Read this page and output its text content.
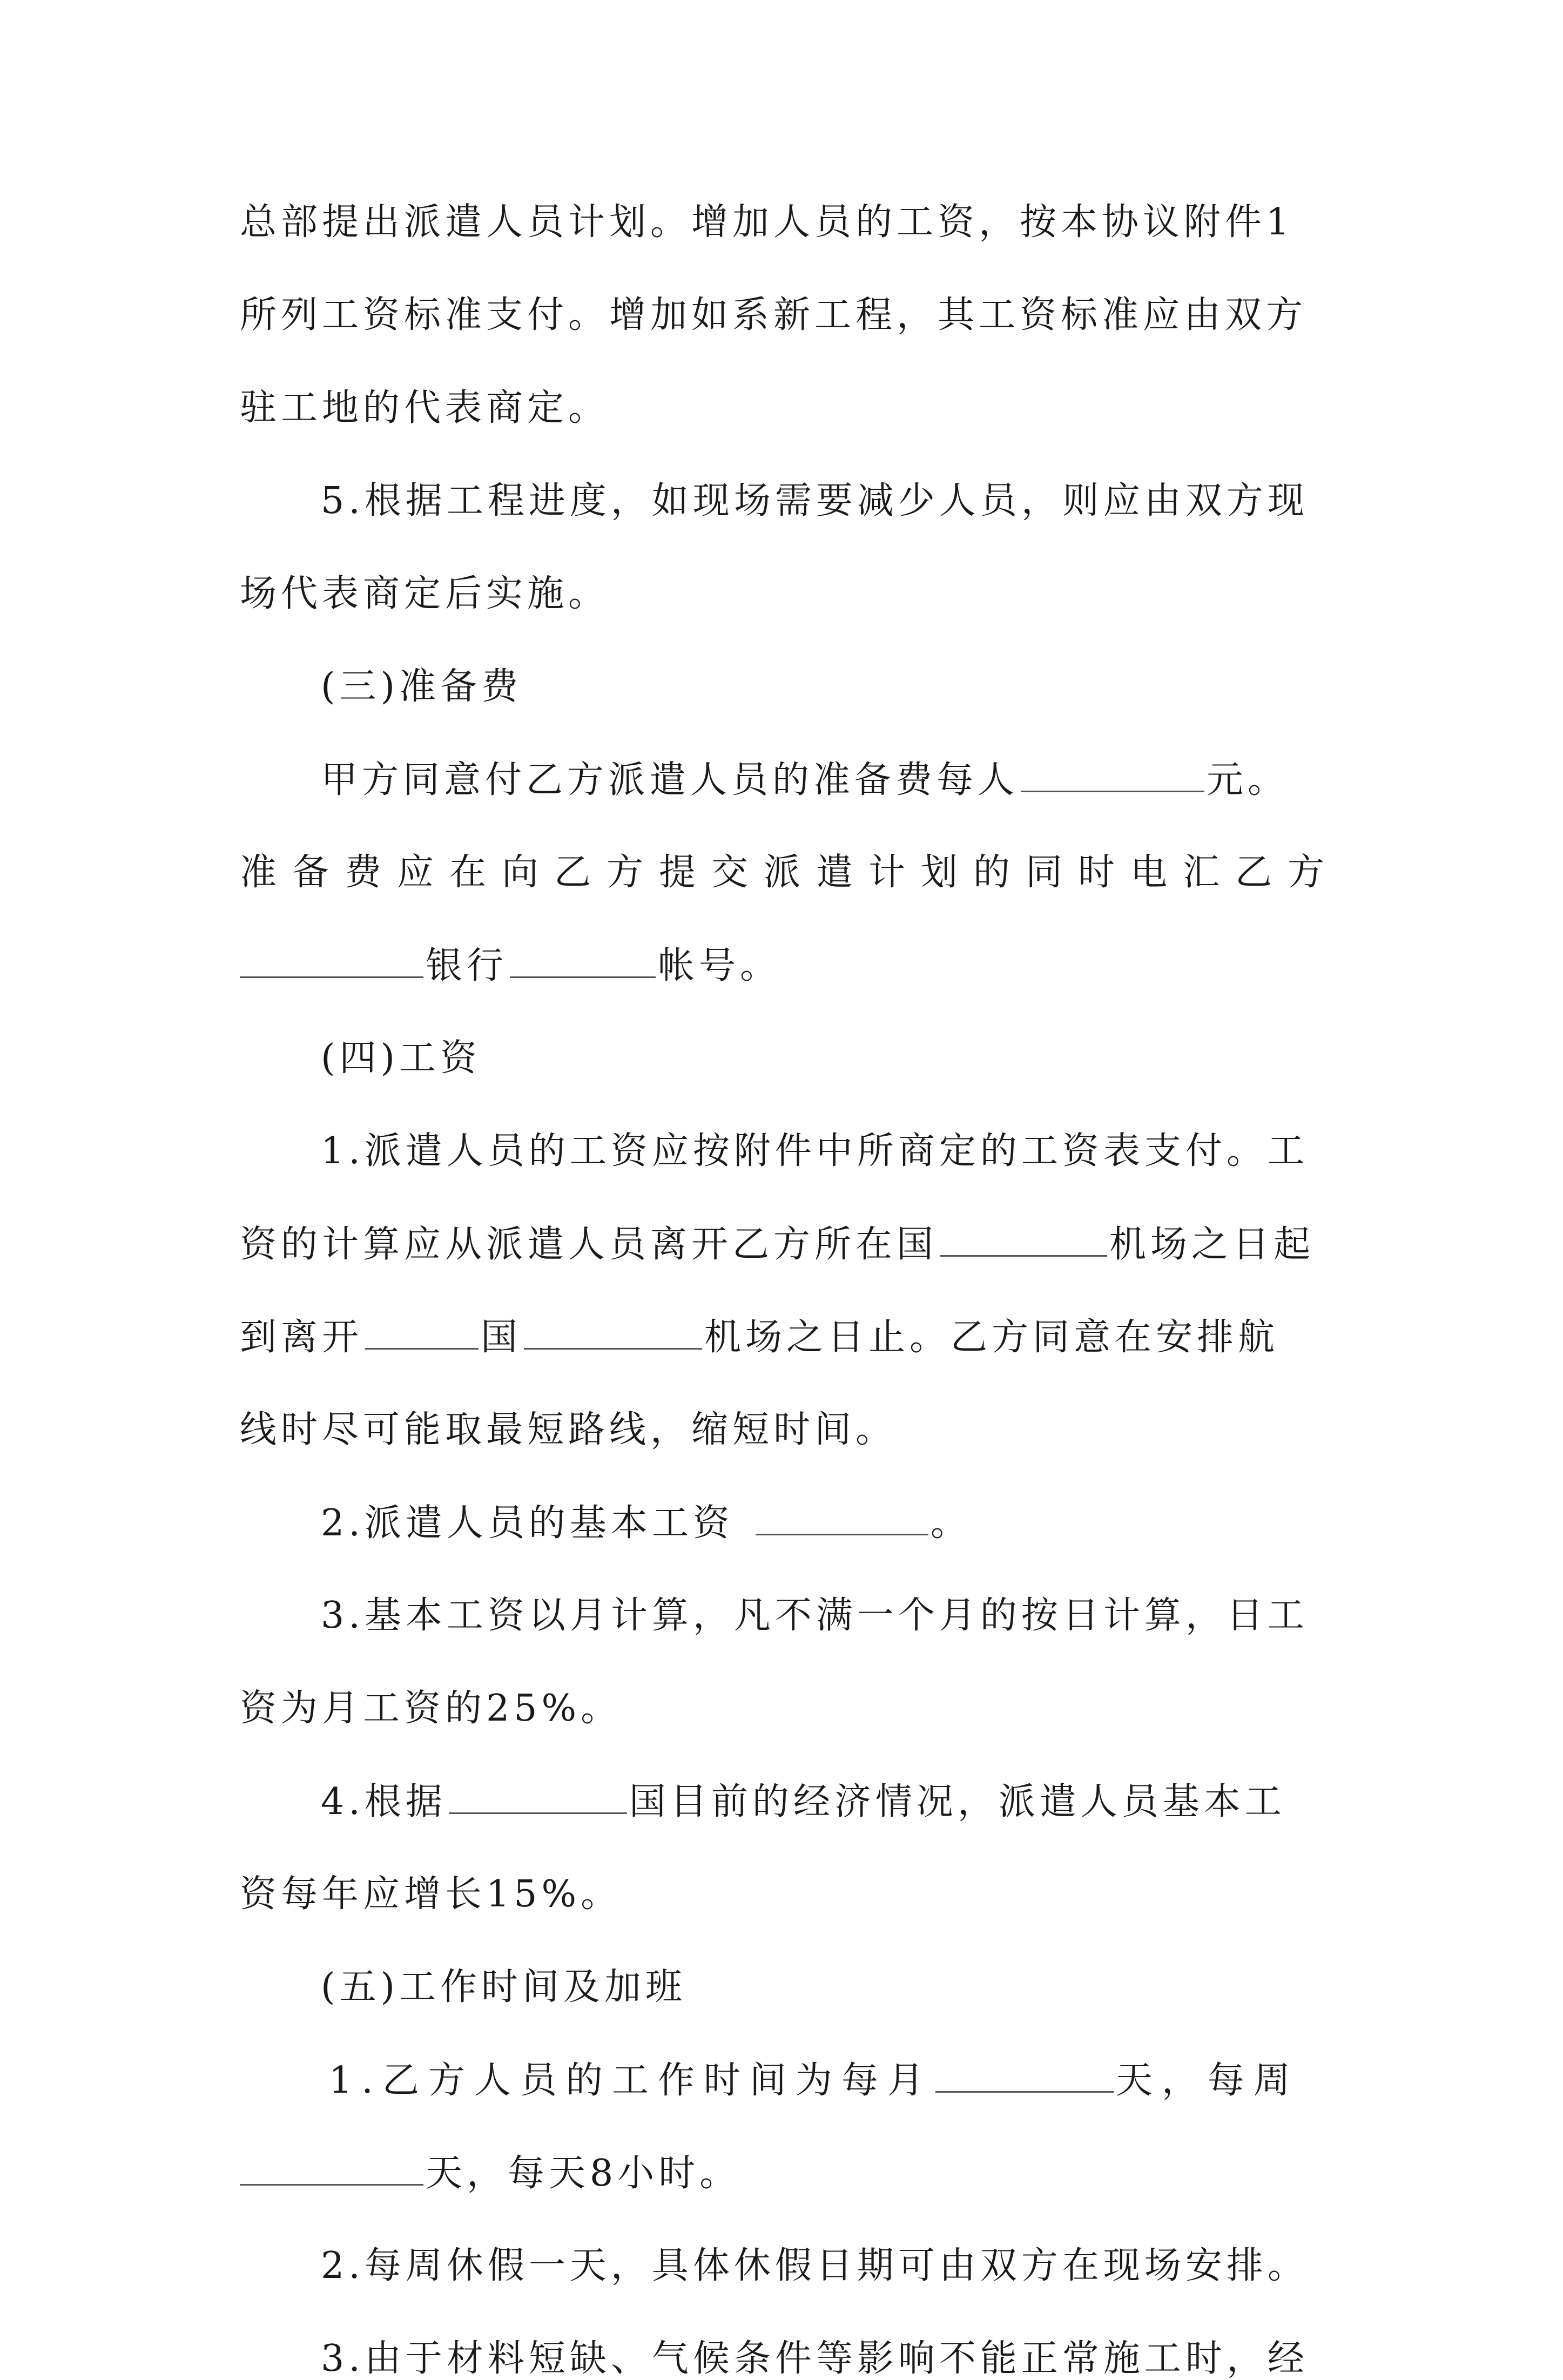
总部提出派遣人员计划。增加人员的工资，按本协议附件1
所列工资标准支付。增加如系新工程，其工资标准应由双方
驻工地的代表商定。
5.根据工程进度，如现场需要减少人员，则应由双方现
场代表商定后实施。
(三)准备费
甲方同意付乙方派遣人员的准备费每人	元。
准备费应在向乙方提交派遣计划的同时电汇乙方
银行	帐号。
(四)工资
1.派遣人员的工资应按附件中所商定的工资表支付。工
资的计算应从派遣人员离开乙方所在国	机场之日起
到离开	国	机场之日止。乙方同意在安排航
线时尽可能取最短路线，缩短时间。
2.派遣人员的基本工资	。
3.基本工资以月计算，凡不满一个月的按日计算，日工
资为月工资的25%。
4.根据	国目前的经济情况，派遣人员基本工
资每年应增长15%。
(五)工作时间及加班
1.乙方人员的工作时间为每月	天，每周
天，每天8小时。
2.每周休假一天，具体休假日期可由双方在现场安排。
3.由于材料短缺、气候条件等影响不能正常施工时，经
